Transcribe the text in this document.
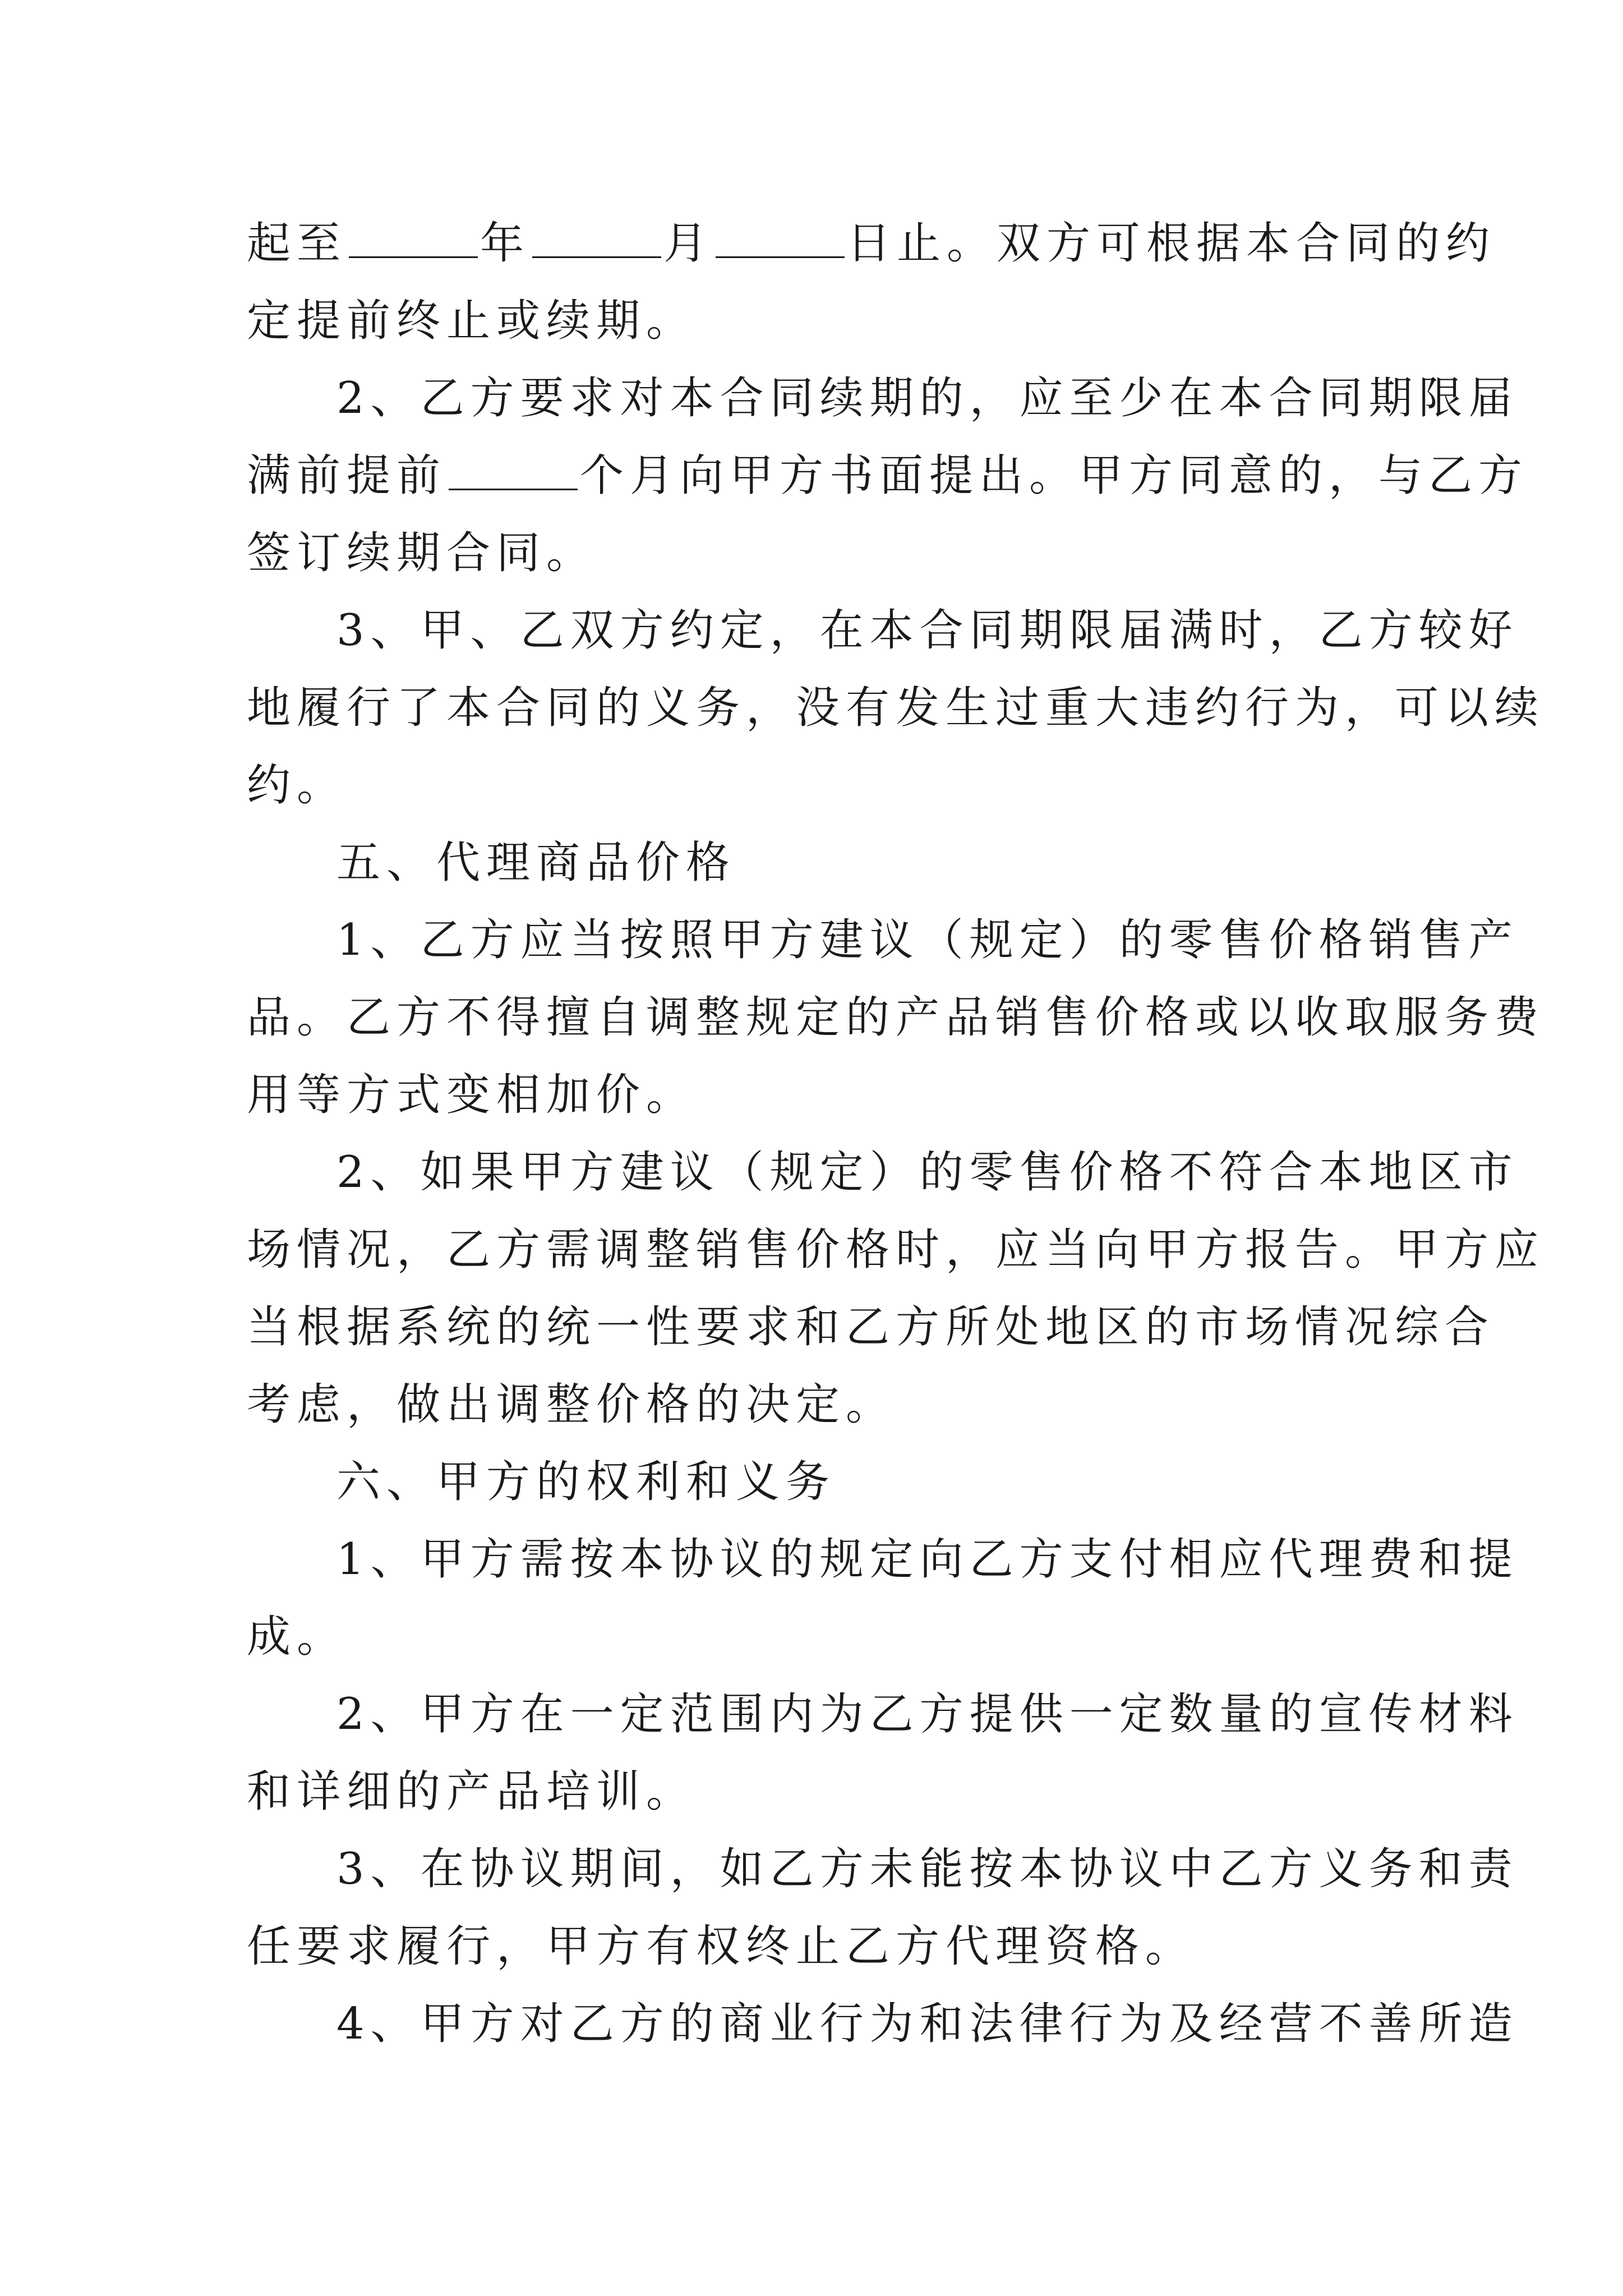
起至	年	月	日止。双方可根据本合同的约
定提前终止或续期。
2、乙方要求对本合同续期的，应至少在本合同期限届
满前提前	个月向甲方书面提出。甲方同意的，与乙方
签订续期合同。
3、甲、乙双方约定，在本合同期限届满时，乙方较好
地履行了本合同的义务，没有发生过重大违约行为，可以续
约。
五、代理商品价格
1、乙方应当按照甲方建议（规定）的零售价格销售产
品。乙方不得擅自调整规定的产品销售价格或以收取服务费
用等方式变相加价。
2、如果甲方建议（规定）的零售价格不符合本地区市
场情况，乙方需调整销售价格时，应当向甲方报告。甲方应
当根据系统的统一性要求和乙方所处地区的市场情况综合
考虑，做出调整价格的决定。
六、甲方的权利和义务
1、甲方需按本协议的规定向乙方支付相应代理费和提
成。
2、甲方在一定范围内为乙方提供一定数量的宣传材料
和详细的产品培训。
3、在协议期间，如乙方未能按本协议中乙方义务和责
任要求履行，甲方有权终止乙方代理资格。
4、甲方对乙方的商业行为和法律行为及经营不善所造
